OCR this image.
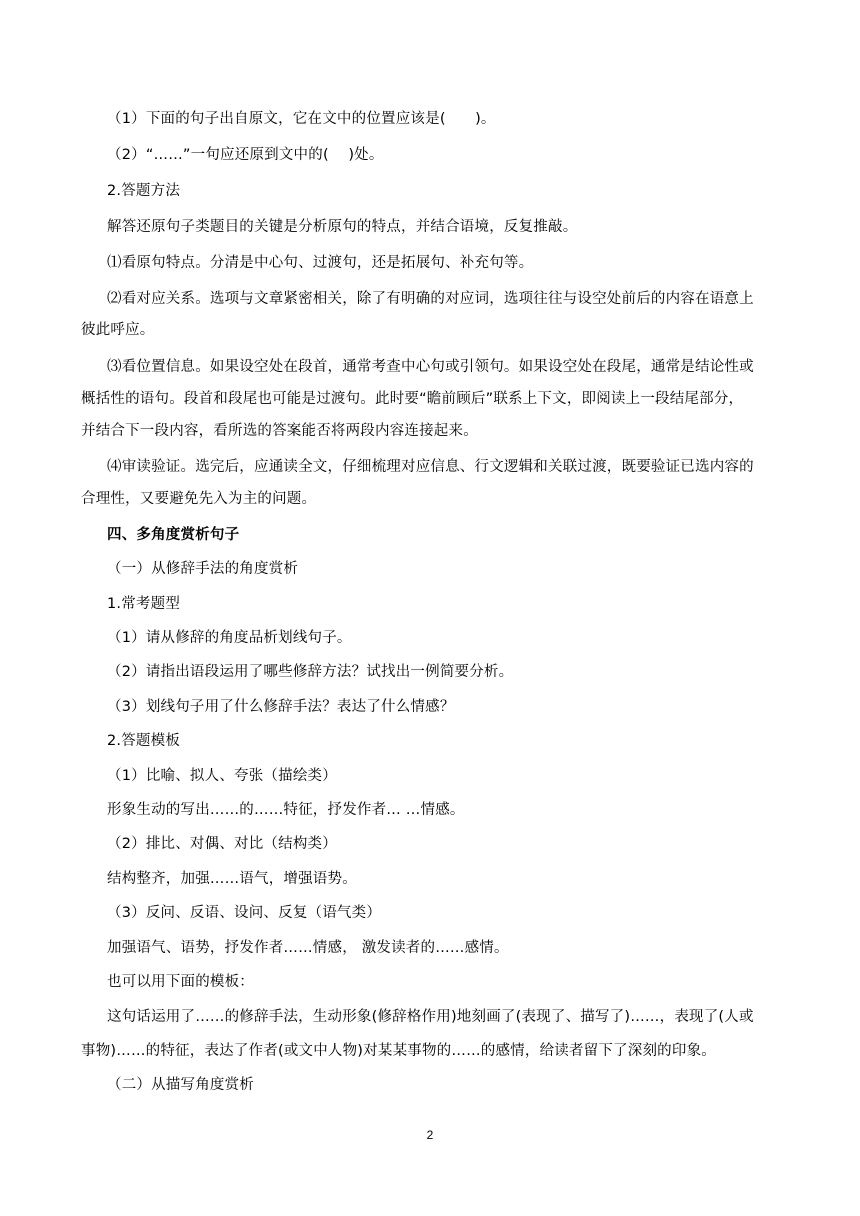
（1）下面的句子出自原文，它在文中的位置应该是(　　)。
（2）“……”一句应还原到文中的(　 )处。
2.答题方法
解答还原句子类题目的关键是分析原句的特点，并结合语境，反复推敲。
⑴看原句特点。分清是中心句、过渡句，还是拓展句、补充句等。
⑵看对应关系。选项与文章紧密相关，除了有明确的对应词，选项往往与设空处前后的内容在语意上
彼此呼应。
⑶看位置信息。如果设空处在段首，通常考查中心句或引领句。如果设空处在段尾，通常是结论性或
概括性的语句。段首和段尾也可能是过渡句。此时要“瞻前顾后”联系上下文，即阅读上一段结尾部分，
并结合下一段内容，看所选的答案能否将两段内容连接起来。
⑷审读验证。选完后，应通读全文，仔细梳理对应信息、行文逻辑和关联过渡，既要验证已选内容的
合理性，又要避免先入为主的问题。
四、多角度赏析句子
（一）从修辞手法的角度赏析
1.常考题型
（1）请从修辞的角度品析划线句子。
（2）请指出语段运用了哪些修辞方法？试找出一例简要分析。
（3）划线句子用了什么修辞手法？表达了什么情感？
2.答题模板
（1）比喻、拟人、夸张（描绘类）
形象生动的写出……的……特征，抒发作者… …情感。
（2）排比、对偶、对比（结构类）
结构整齐，加强……语气，增强语势。
（3）反问、反语、设问、反复（语气类）
加强语气、语势，抒发作者……情感， 激发读者的……感情。
也可以用下面的模板：
这句话运用了……的修辞手法，生动形象(修辞格作用)地刻画了(表现了、描写了)……，表现了(人或
事物)……的特征，表达了作者(或文中人物)对某某事物的……的感情，给读者留下了深刻的印象。
（二）从描写角度赏析
2
